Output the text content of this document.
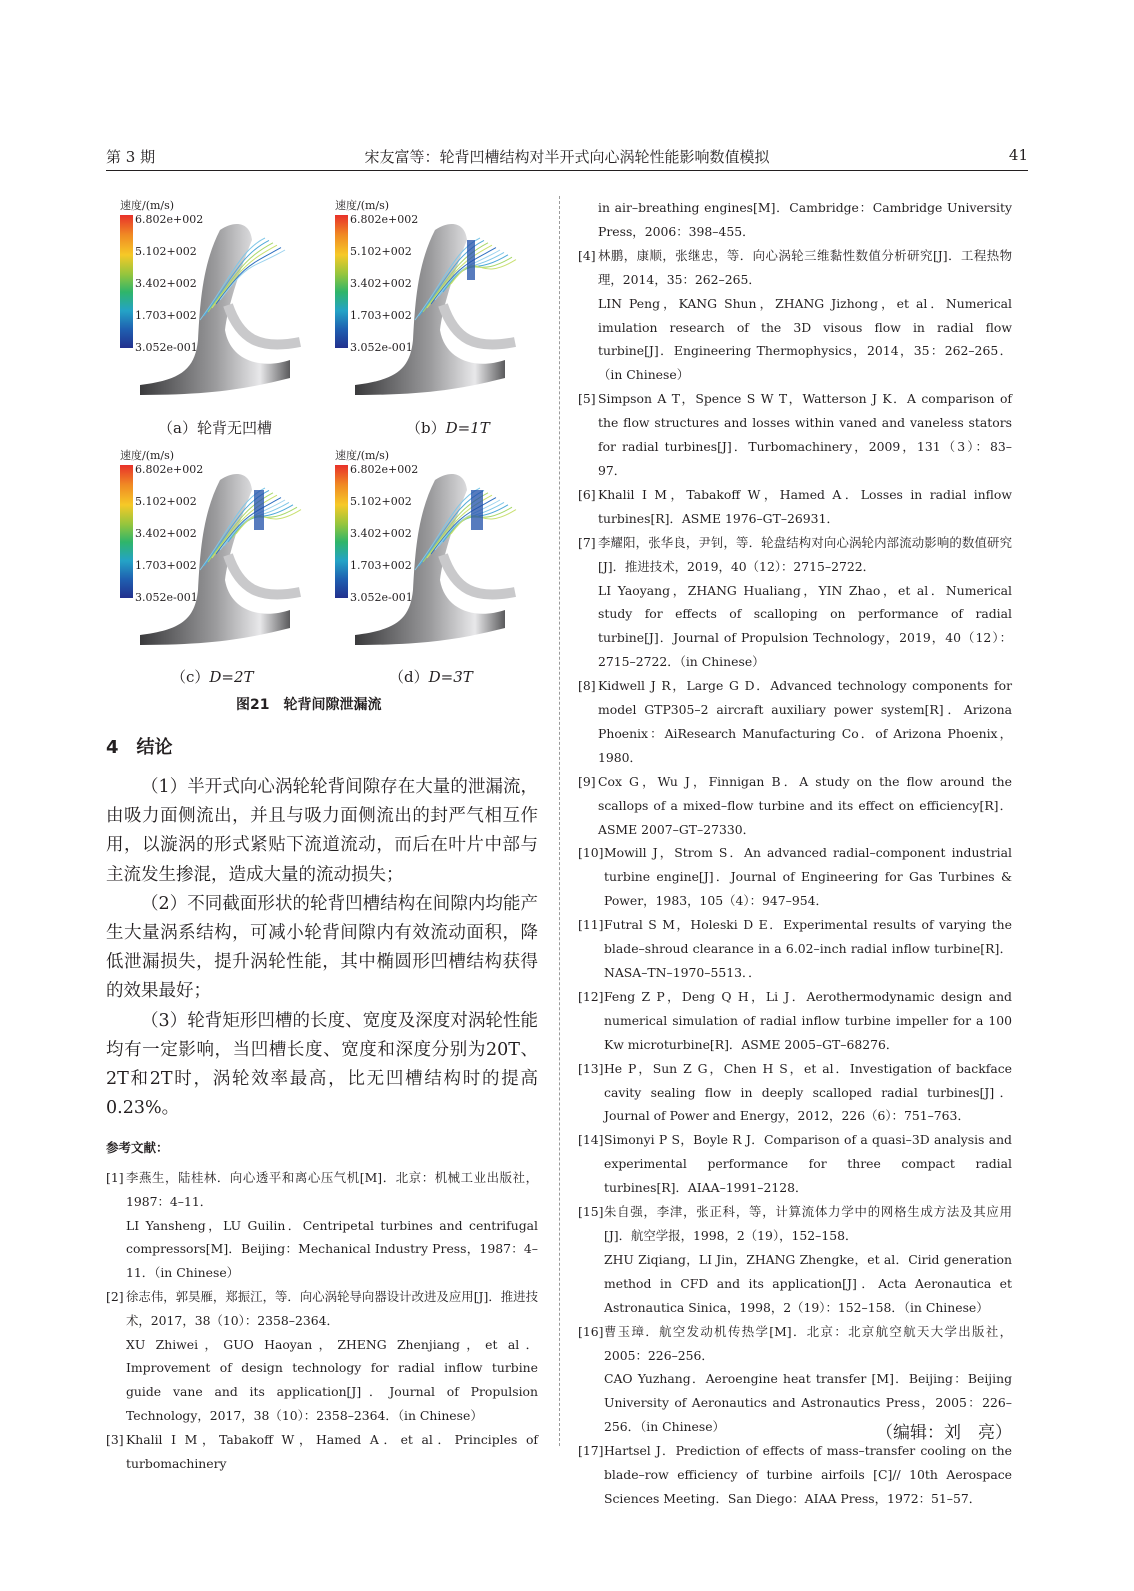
第 3 期	宋友富等：轮背凹槽结构对半开式向心涡轮性能影响数值模拟	41
速度/(m/s)
6.802e+002
5.102+002
3.402+002
1.703+002
3.052e-001
速度/(m/s)
6.802e+002
5.102+002
3.402+002
1.703+002
3.052e-001
速度/(m/s)
6.802e+002
5.102+002
3.402+002
1.703+002
3.052e-001
速度/(m/s)
6.802e+002
5.102+002
3.402+002
1.703+002
3.052e-001
（a）轮背无凹槽	（b）D=1T
（c）D=2T	（d）D=3T
图21　轮背间隙泄漏流
4　结论

（1）半开式向心涡轮轮背间隙存在大量的泄漏流，由吸力面侧流出，并且与吸力面侧流出的封严气相互作用，以漩涡的形式紧贴下流道流动，而后在叶片中部与主流发生掺混，造成大量的流动损失；

（2）不同截面形状的轮背凹槽结构在间隙内均能产生大量涡系结构，可减小轮背间隙内有效流动面积，降低泄漏损失，提升涡轮性能，其中椭圆形凹槽结构获得的效果最好；

（3）轮背矩形凹槽的长度、宽度及深度对涡轮性能均有一定影响，当凹槽长度、宽度和深度分别为20T、2T和2T时，涡轮效率最高，比无凹槽结构时的提高0.23%。

参考文献：
[1] 李燕生，陆桂林．向心透平和离心压气机[M]．北京：机械工业出版社，1987：4–11．
LI Yansheng，LU Guilin．Centripetal turbines and centrifugal compressors[M]．Beijing：Mechanical Industry Press，1987：4–11．（in Chinese）
[2] 徐志伟，郭昊雁，郑振江，等．向心涡轮导向器设计改进及应用[J]．推进技术，2017，38（10）：2358–2364．
XU Zhiwei，GUO Haoyan，ZHENG Zhenjiang，et al．Improvement of design technology for radial inflow turbine guide vane and its application[J]．Journal of Propulsion Technology，2017，38（10）：2358–2364．（in Chinese）
[3] Khalil I M，Tabakoff W，Hamed A．et al．Principles of turbomachinery
in air–breathing engines[M]．Cambridge：Cambridge University Press，2006：398–455．
[4] 林鹏，康顺，张继忠，等．向心涡轮三维黏性数值分析研究[J]．工程热物理，2014，35：262–265．
LIN Peng，KANG Shun，ZHANG Jizhong，et al．Numerical imulation research of the 3D visous flow in radial flow turbine[J]．Engineering Thermophysics，2014，35：262–265．（in Chinese）
[5] Simpson A T，Spence S W T，Watterson J K．A comparison of the flow structures and losses within vaned and vaneless stators for radial turbines[J]．Turbomachinery，2009，131（3）：83–97．
[6] Khalil I M，Tabakoff W，Hamed A．Losses in radial inflow turbines[R]．ASME 1976–GT–26931．
[7] 李耀阳，张华良，尹钊，等．轮盘结构对向心涡轮内部流动影响的数值研究[J]．推进技术，2019，40（12）：2715–2722．
LI Yaoyang，ZHANG Hualiang，YIN Zhao，et al．Numerical study for effects of scalloping on performance of radial turbine[J]．Journal of Propulsion Technology，2019，40（12）：2715–2722．（in Chinese）
[8] Kidwell J R，Large G D．Advanced technology components for model GTP305–2 aircraft auxiliary power system[R]．Arizona Phoenix：AiResearch Manufacturing Co．of Arizona Phoenix，1980．
[9] Cox G，Wu J，Finnigan B．A study on the flow around the scallops of a mixed–flow turbine and its effect on efficiency[R]．ASME 2007–GT–27330．
[10] Mowill J，Strom S．An advanced radial–component industrial turbine engine[J]．Journal of Engineering for Gas Turbines & Power，1983，105（4）：947–954．
[11] Futral S M，Holeski D E．Experimental results of varying the blade–shroud clearance in a 6.02–inch radial inflow turbine[R]．NASA–TN–1970–5513．．
[12] Feng Z P，Deng Q H，Li J．Aerothermodynamic design and numerical simulation of radial inflow turbine impeller for a 100 Kw microturbine[R]．ASME 2005–GT–68276．
[13] He P，Sun Z G，Chen H S，et al．Investigation of backface cavity sealing flow in deeply scalloped radial turbines[J]．Journal of Power and Energy，2012，226（6）：751–763．
[14] Simonyi P S，Boyle R J．Comparison of a quasi–3D analysis and experimental performance for three compact radial turbines[R]．AIAA–1991–2128．
[15] 朱自强，李津，张正科，等，计算流体力学中的网格生成方法及其应用[J]．航空学报，1998，2（19），152–158．
ZHU Ziqiang，LI Jin，ZHANG Zhengke，et al．Cirid generation method in CFD and its application[J]．Acta Aeronautica et Astronautica Sinica，1998，2（19）：152–158．（in Chinese）
[16] 曹玉璋．航空发动机传热学[M]．北京：北京航空航天大学出版社，2005：226–256．
CAO Yuzhang．Aeroengine heat transfer [M]．Beijing：Beijing University of Aeronautics and Astronautics Press，2005：226–256．（in Chinese）
[17] Hartsel J．Prediction of effects of mass–transfer cooling on the blade–row efficiency of turbine airfoils [C]// 10th Aerospace Sciences Meeting．San Diego：AIAA Press，1972：51–57．
（编辑：刘　亮）
